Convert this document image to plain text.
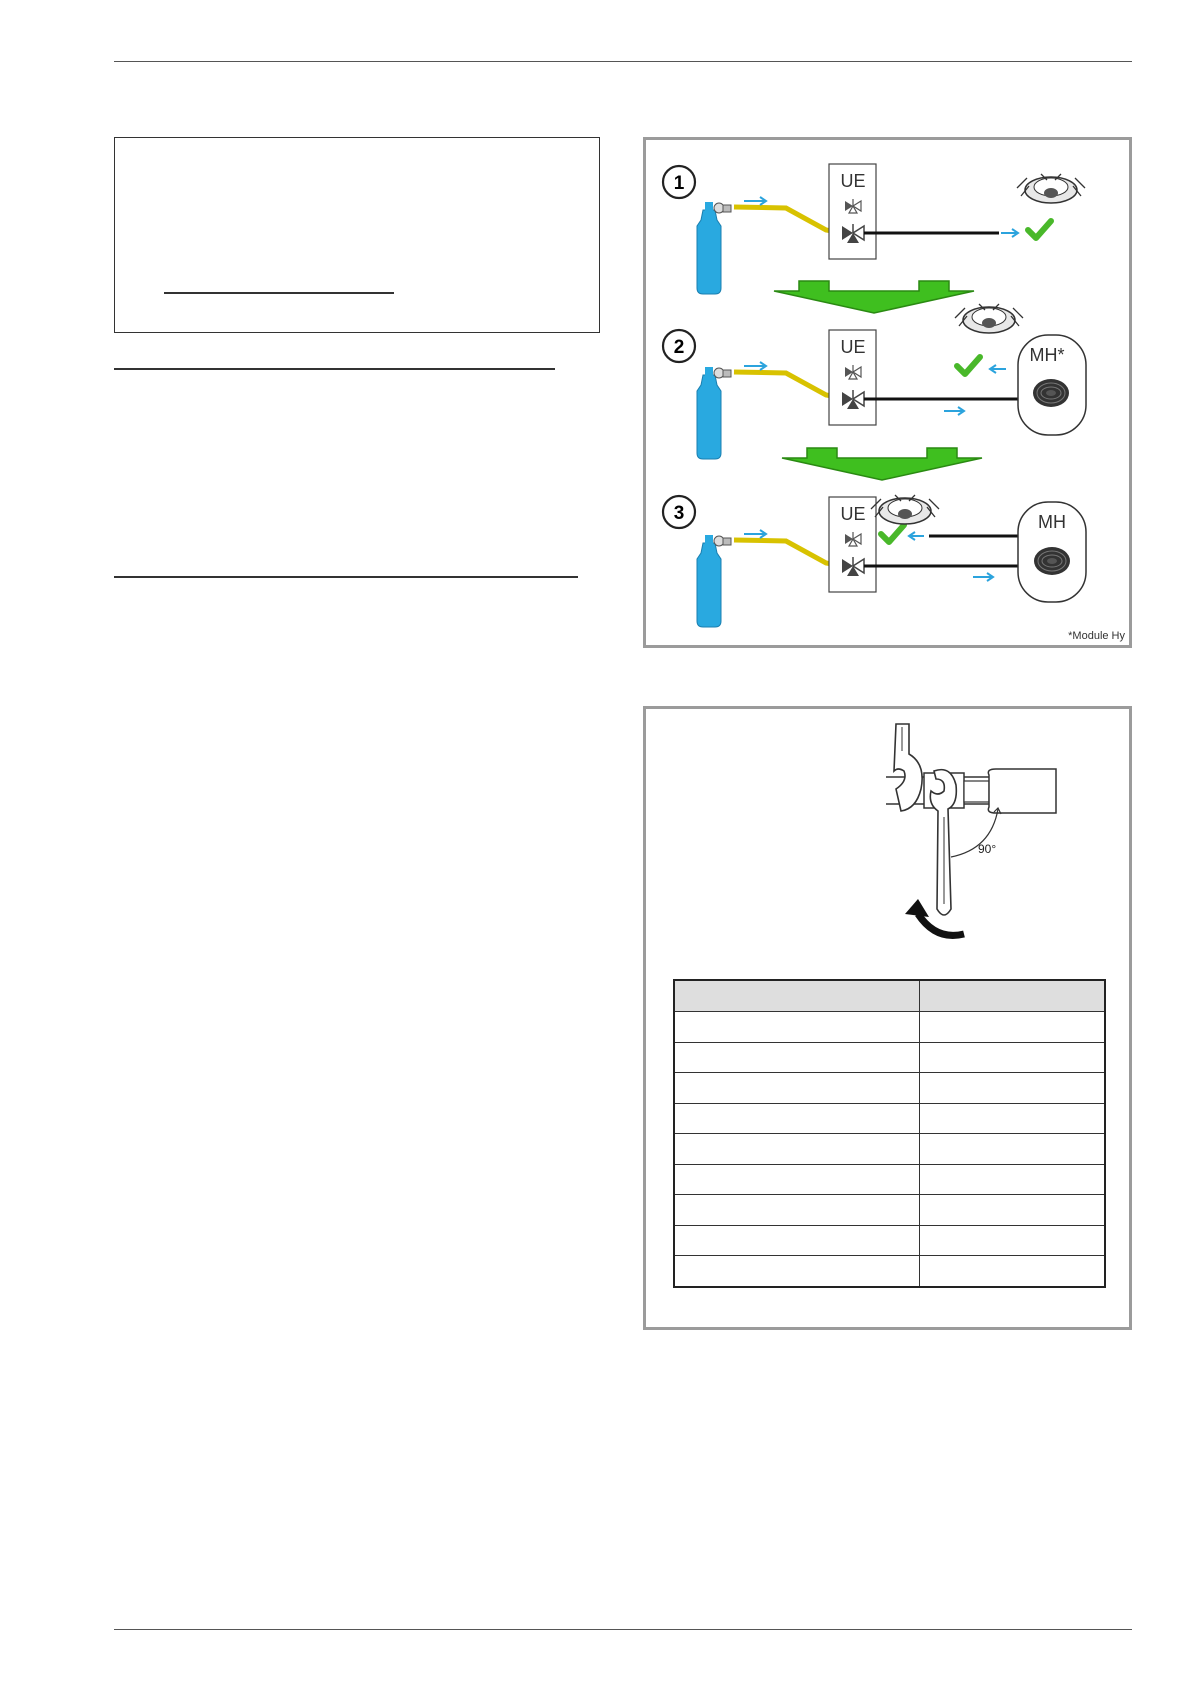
1	UE
2	UE	MH*
3	UE	MH
*Module Hy
90°
